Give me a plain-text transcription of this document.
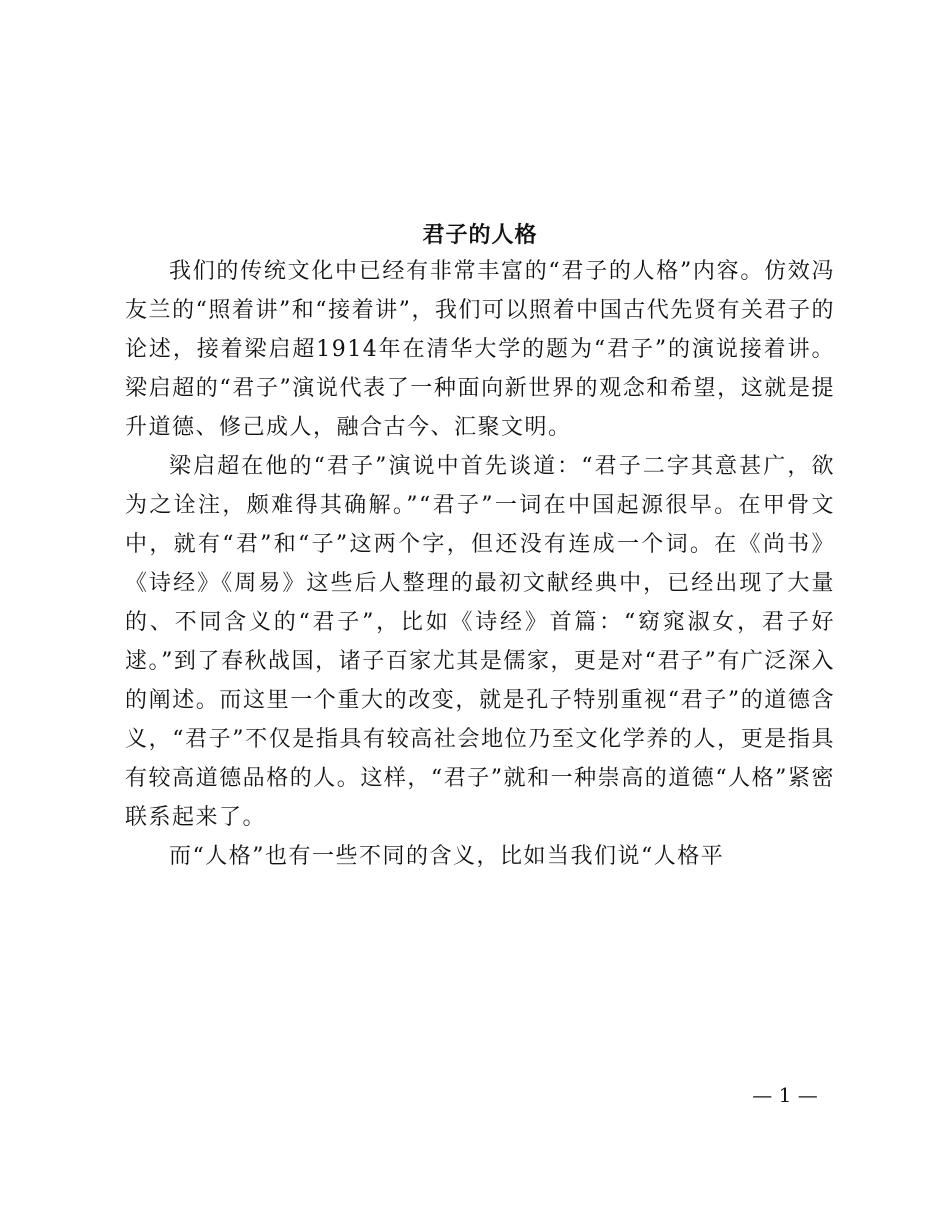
君子的人格

我们的传统文化中已经有非常丰富的“君子的人格”内容。仿效冯友兰的“照着讲”和“接着讲”，我们可以照着中国古代先贤有关君子的论述，接着梁启超1914年在清华大学的题为“君子”的演说接着讲。梁启超的“君子”演说代表了一种面向新世界的观念和希望，这就是提升道德、修己成人，融合古今、汇聚文明。

梁启超在他的“君子”演说中首先谈道：“君子二字其意甚广，欲为之诠注，颇难得其确解。”“君子”一词在中国起源很早。在甲骨文中，就有“君”和“子”这两个字，但还没有连成一个词。在《尚书》《诗经》《周易》这些后人整理的最初文献经典中，已经出现了大量的、不同含义的“君子”，比如《诗经》首篇：“窈窕淑女，君子好逑。”到了春秋战国，诸子百家尤其是儒家，更是对“君子”有广泛深入的阐述。而这里一个重大的改变，就是孔子特别重视“君子”的道德含义，“君子”不仅是指具有较高社会地位乃至文化学养的人，更是指具有较高道德品格的人。这样，“君子”就和一种崇高的道德“人格”紧密联系起来了。

而“人格”也有一些不同的含义，比如当我们说“人格平

— 1 —
